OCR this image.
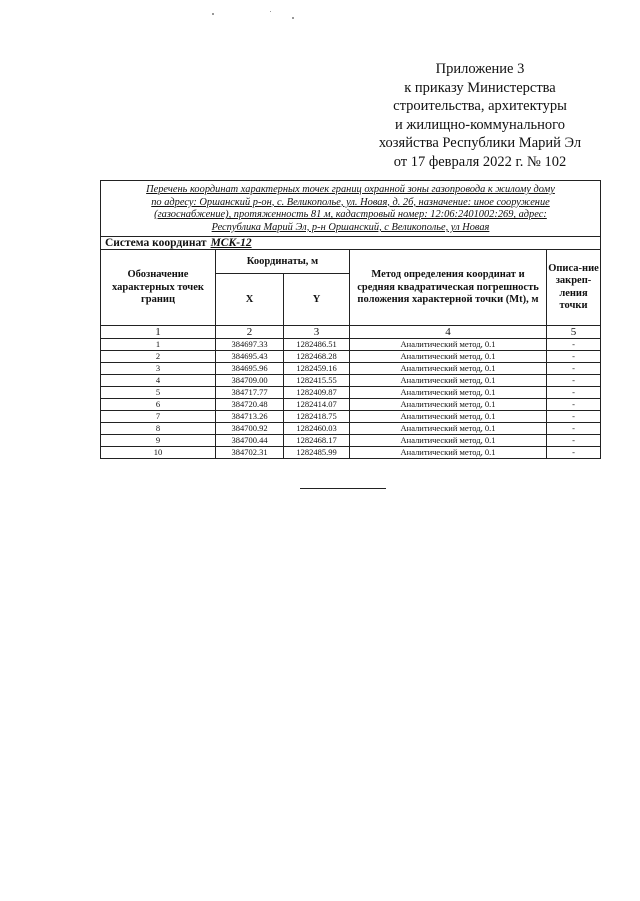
Приложение 3
к приказу Министерства
строительства, архитектуры
и жилищно-коммунального
хозяйства Республики Марий Эл
от 17 февраля 2022 г. № 102
Перечень координат характерных точек границ охранной зоны газопровода к жилому дому
по адресу: Оршанский р-он, с. Великополье, ул. Новая, д. 2б, назначение: иное сооружение
(газоснабжение), протяженность 81 м, кадастровый номер: 12:06:2401002:269, адрес:
Республика Марий Эл, р-н Оршанский, с Великополье, ул Новая				

Система координат МСК-12				
Обозначение характерных точек границ	Координаты, м		Метод определения координат и средняя квадратическая погрешность положения характерной точки (Mt), м	Описа-ние закреп-ления точки
	X	Y		
1	2	3	4	5
1	384697.33	1282486.51	Аналитический метод, 0.1	-
2	384695.43	1282468.28	Аналитический метод, 0.1	-
3	384695.96	1282459.16	Аналитический метод, 0.1	-
4	384709.00	1282415.55	Аналитический метод, 0.1	-
5	384717.77	1282409.87	Аналитический метод, 0.1	-
6	384720.48	1282414.07	Аналитический метод, 0.1	-
7	384713.26	1282418.75	Аналитический метод, 0.1	-
8	384700.92	1282460.03	Аналитический метод, 0.1	-
9	384700.44	1282468.17	Аналитический метод, 0.1	-
10	384702.31	1282485.99	Аналитический метод, 0.1	-
